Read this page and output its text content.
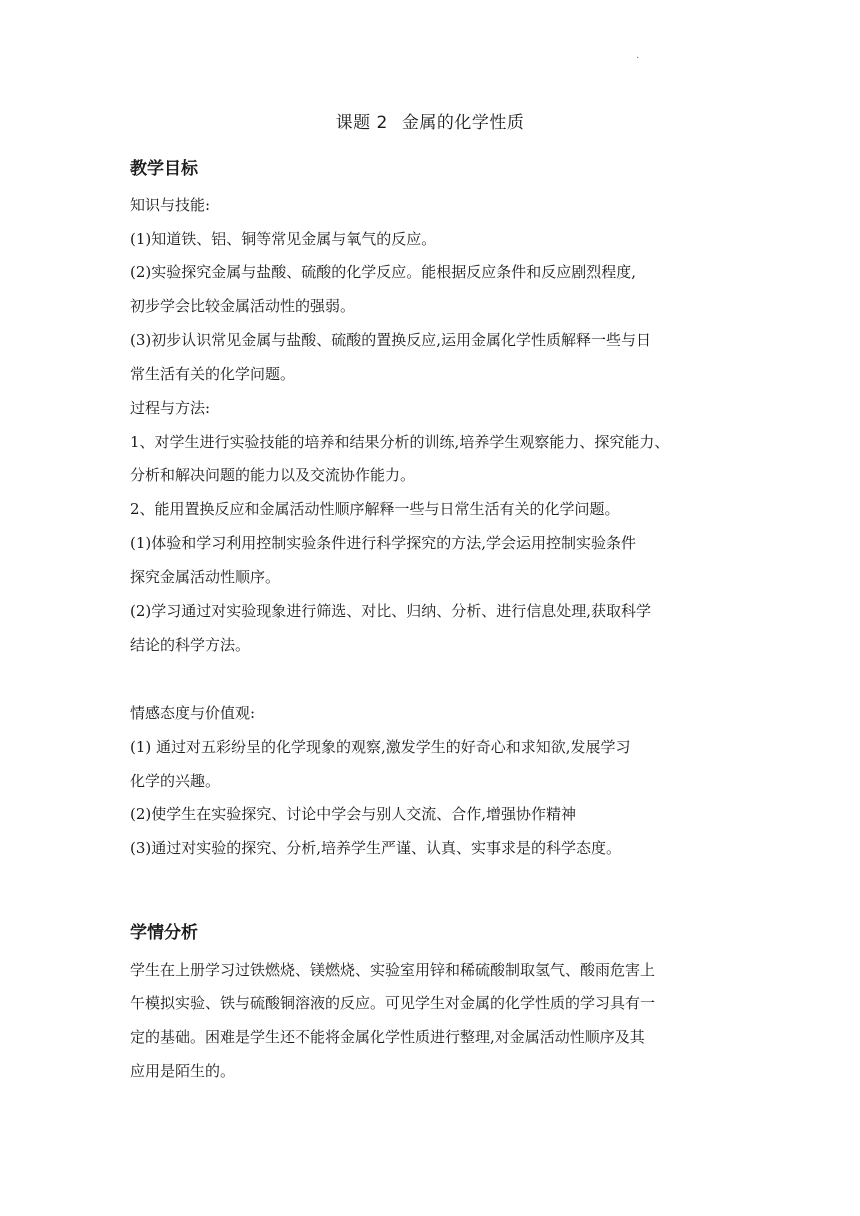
·
课题 2 金属的化学性质
教学目标
知识与技能:
(1)知道铁、铝、铜等常见金属与氧气的反应。
(2)实验探究金属与盐酸、硫酸的化学反应。能根据反应条件和反应剧烈程度,
初步学会比较金属活动性的强弱。
(3)初步认识常见金属与盐酸、硫酸的置换反应,运用金属化学性质解释一些与日
常生活有关的化学问题。
过程与方法:
1、对学生进行实验技能的培养和结果分析的训练,培养学生观察能力、探究能力、
分析和解决问题的能力以及交流协作能力。
2、能用置换反应和金属活动性顺序解释一些与日常生活有关的化学问题。
(1)体验和学习利用控制实验条件进行科学探究的方法,学会运用控制实验条件
探究金属活动性顺序。
(2)学习通过对实验现象进行筛选、对比、归纳、分析、进行信息处理,获取科学
结论的科学方法。
情感态度与价值观:
(1) 通过对五彩纷呈的化学现象的观察,激发学生的好奇心和求知欲,发展学习
化学的兴趣。
(2)使学生在实验探究、讨论中学会与别人交流、合作,增强协作精神
(3)通过对实验的探究、分析,培养学生严谨、认真、实事求是的科学态度。
学情分析
学生在上册学习过铁燃烧、镁燃烧、实验室用锌和稀硫酸制取氢气、酸雨危害上
午模拟实验、铁与硫酸铜溶液的反应。可见学生对金属的化学性质的学习具有一
定的基础。困难是学生还不能将金属化学性质进行整理,对金属活动性顺序及其
应用是陌生的。
